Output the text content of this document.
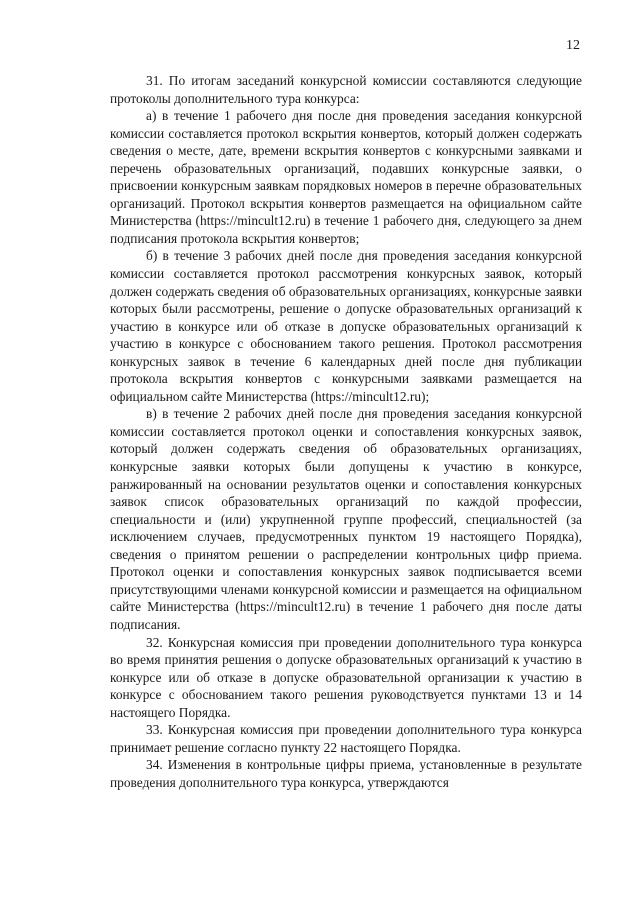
12

31. По итогам заседаний конкурсной комиссии составляются следующие протоколы дополнительного тура конкурса:

а) в течение 1 рабочего дня после дня проведения заседания конкурсной комиссии составляется протокол вскрытия конвертов, который должен содержать сведения о месте, дате, времени вскрытия конвертов с конкурсными заявками и перечень образовательных организаций, подавших конкурсные заявки, о присвоении конкурсным заявкам порядковых номеров в перечне образовательных организаций. Протокол вскрытия конвертов размещается на официальном сайте Министерства (https://mincult12.ru) в течение 1 рабочего дня, следующего за днем подписания протокола вскрытия конвертов;

б) в течение 3 рабочих дней после дня проведения заседания конкурсной комиссии составляется протокол рассмотрения конкурсных заявок, который должен содержать сведения об образовательных организациях, конкурсные заявки которых были рассмотрены, решение о допуске образовательных организаций к участию в конкурсе или об отказе в допуске образовательных организаций к участию в конкурсе с обоснованием такого решения. Протокол рассмотрения конкурсных заявок в течение 6 календарных дней после дня публикации протокола вскрытия конвертов с конкурсными заявками размещается на официальном сайте Министерства (https://mincult12.ru);

в) в течение 2 рабочих дней после дня проведения заседания конкурсной комиссии составляется протокол оценки и сопоставления конкурсных заявок, который должен содержать сведения об образовательных организациях, конкурсные заявки которых были допущены к участию в конкурсе, ранжированный на основании результатов оценки и сопоставления конкурсных заявок список образовательных организаций по каждой профессии, специальности и (или) укрупненной группе профессий, специальностей (за исключением случаев, предусмотренных пунктом 19 настоящего Порядка), сведения о принятом решении о распределении контрольных цифр приема. Протокол оценки и сопоставления конкурсных заявок подписывается всеми присутствующими членами конкурсной комиссии и размещается на официальном сайте Министерства (https://mincult12.ru) в течение 1 рабочего дня после даты подписания.

32. Конкурсная комиссия при проведении дополнительного тура конкурса во время принятия решения о допуске образовательных организаций к участию в конкурсе или об отказе в допуске образовательной организации к участию в конкурсе с обоснованием такого решения руководствуется пунктами 13 и 14 настоящего Порядка.

33. Конкурсная комиссия при проведении дополнительного тура конкурса принимает решение согласно пункту 22 настоящего Порядка.

34. Изменения в контрольные цифры приема, установленные в результате проведения дополнительного тура конкурса, утверждаются
